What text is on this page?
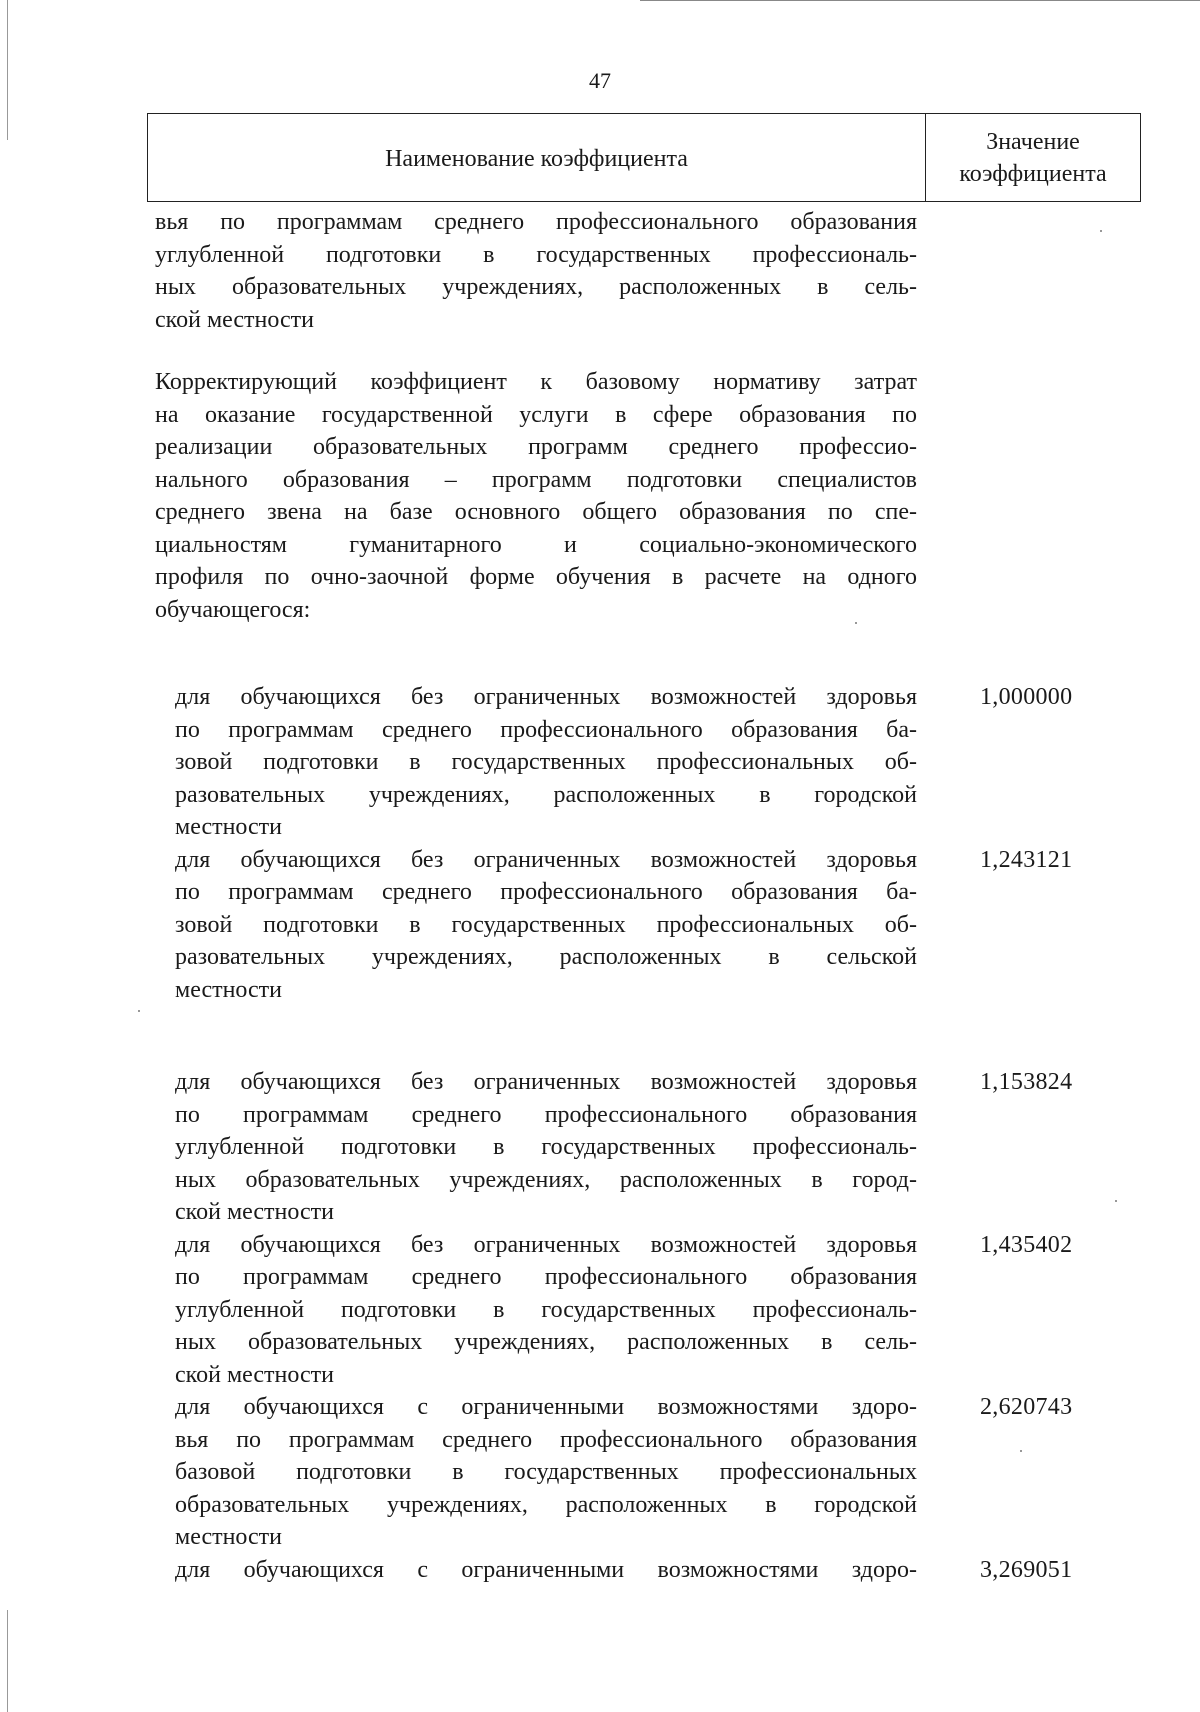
47
Наименование коэффициента
Значение
коэффициента
вья по программам среднего профессионального образования
углубленной подготовки в государственных профессиональ-
ных образовательных учреждениях, расположенных в сель-
ской местности
Корректирующий коэффициент к базовому нормативу затрат
на оказание государственной услуги в сфере образования по
реализации образовательных программ среднего профессио-
нального образования – программ подготовки специалистов
среднего звена на базе основного общего образования по спе-
циальностям гуманитарного и социально-экономического
профиля по очно-заочной форме обучения в расчете на одного
обучающегося:
для обучающихся без ограниченных возможностей здоровья
по программам среднего профессионального образования ба-
зовой подготовки в государственных профессиональных об-
разовательных учреждениях, расположенных в городской
местности
1,000000
для обучающихся без ограниченных возможностей здоровья
по программам среднего профессионального образования ба-
зовой подготовки в государственных профессиональных об-
разовательных учреждениях, расположенных в сельской
местности
1,243121
для обучающихся без ограниченных возможностей здоровья
по программам среднего профессионального образования
углубленной подготовки в государственных профессиональ-
ных образовательных учреждениях, расположенных в город-
ской местности
1,153824
для обучающихся без ограниченных возможностей здоровья
по программам среднего профессионального образования
углубленной подготовки в государственных профессиональ-
ных образовательных учреждениях, расположенных в сель-
ской местности
1,435402
для обучающихся с ограниченными возможностями здоро-
вья по программам среднего профессионального образования
базовой подготовки в государственных профессиональных
образовательных учреждениях, расположенных в городской
местности
2,620743
для обучающихся с ограниченными возможностями здоро-	3,269051
